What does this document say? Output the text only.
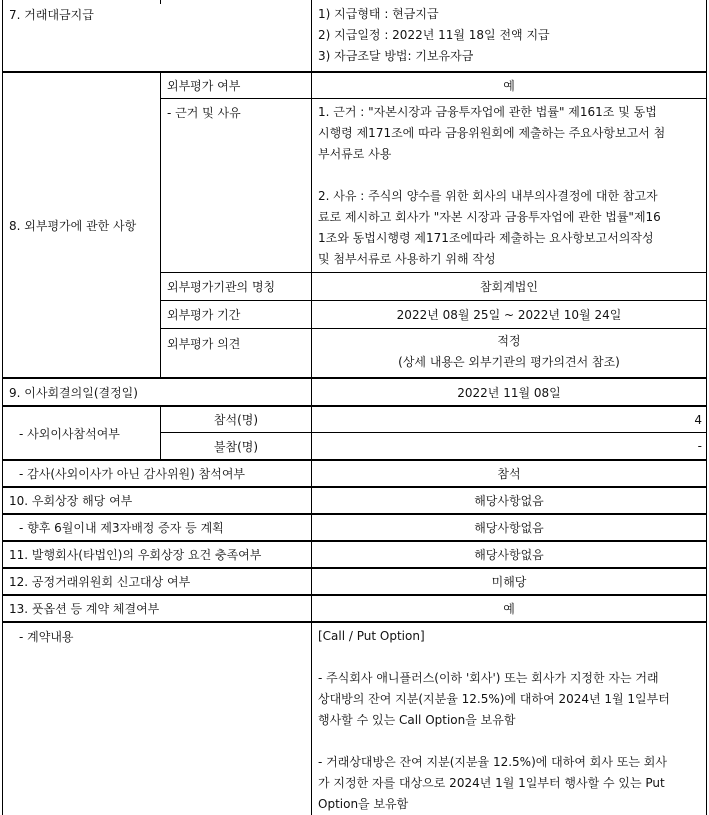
7. 거래대금지급	1) 지급형태 : 현금지급
2) 지급일정 : 2022년 11월 18일 전액 지급
3) 자금조달 방법: 기보유자금
8. 외부평가에 관한 사항
외부평가 여부	예
- 근거 및 사유	1. 근거 : "자본시장과 금융투자업에 관한 법률" 제161조 및 동법
시행령 제171조에 따라 금융위원회에 제출하는 주요사항보고서 첨
부서류로 사용
2. 사유 : 주식의 양수를 위한 회사의 내부의사결정에 대한 참고자
료로 제시하고 회사가 "자본 시장과 금융투자업에 관한 법률"제16
1조와 동법시행령 제171조에따라 제출하는 요사항보고서의작성
및 첨부서류로 사용하기 위해 작성
외부평가기관의 명칭	참회계법인
외부평가 기간	2022년 08월 25일 ~ 2022년 10월 24일
외부평가 의견	적정
(상세 내용은 외부기관의 평가의견서 참조)
9. 이사회결의일(결정일)	2022년 11월 08일
- 사외이사참석여부
참석(명)	4
불참(명)	-
- 감사(사외이사가 아닌 감사위원) 참석여부	참석
10. 우회상장 해당 여부	해당사항없음
- 향후 6월이내 제3자배정 증자 등 계획	해당사항없음
11. 발행회사(타법인)의 우회상장 요건 충족여부	해당사항없음
12. 공정거래위원회 신고대상 여부	미해당
13. 풋옵션 등 계약 체결여부	예
- 계약내용	[Call / Put Option]
- 주식회사 애니플러스(이하 '회사') 또는 회사가 지정한 자는 거래
상대방의 잔여 지분(지분율 12.5%)에 대하여 2024년 1월 1일부터
행사할 수 있는 Call Option을 보유함
- 거래상대방은 잔여 지분(지분율 12.5%)에 대하여 회사 또는 회사
가 지정한 자를 대상으로 2024년 1월 1일부터 행사할 수 있는 Put
Option을 보유함
